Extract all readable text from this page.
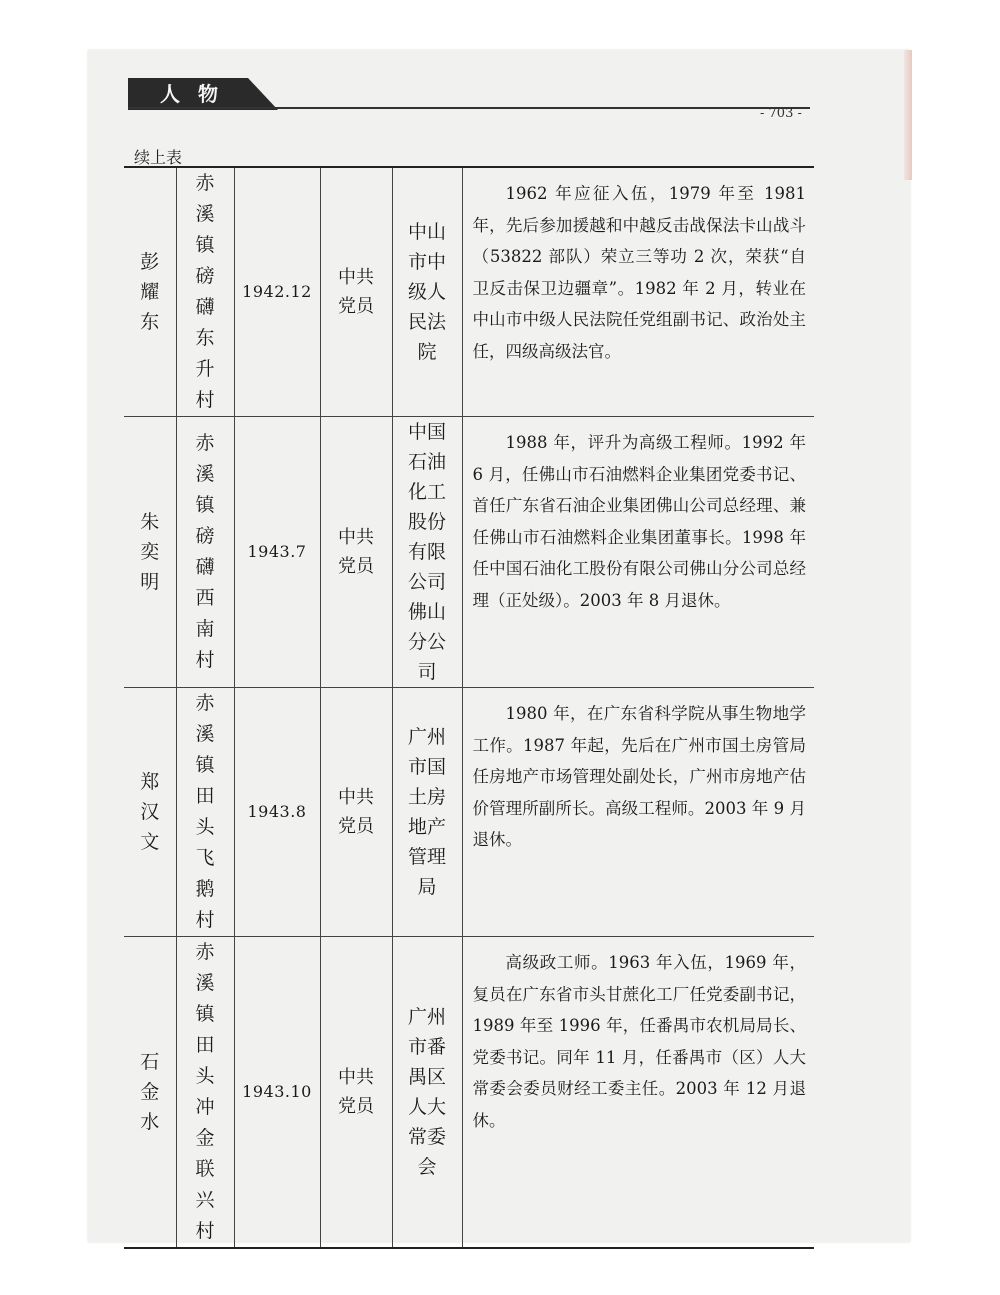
人物
- 703 -
续上表
彭耀东	赤溪镇磅礴东升村	1942.12	中共党员	中山市中级人民法院	1962 年应征入伍，1979 年至 1981 年，先后参加援越和中越反击战保法卡山战斗（53822 部队）荣立三等功 2 次，荣获“自卫反击保卫边疆章”。1982 年 2 月，转业在中山市中级人民法院任党组副书记、政治处主任，四级高级法官。
朱奕明	赤溪镇磅礴西南村	1943.7	中共党员	中国石油化工股份有限公司佛山分公司	1988 年，评升为高级工程师。1992 年 6 月，任佛山市石油燃料企业集团党委书记、首任广东省石油企业集团佛山公司总经理、兼任佛山市石油燃料企业集团董事长。1998 年任中国石油化工股份有限公司佛山分公司总经理（正处级）。2003 年 8 月退休。
郑汉文	赤溪镇田头飞鹅村	1943.8	中共党员	广州市国土房地产管理局	1980 年，在广东省科学院从事生物地学工作。1987 年起，先后在广州市国土房管局任房地产市场管理处副处长，广州市房地产估价管理所副所长。高级工程师。2003 年 9 月退休。
石金水	赤溪镇田头冲金联兴村	1943.10	中共党员	广州市番禺区人大常委会	高级政工师。1963 年入伍，1969 年，复员在广东省市头甘蔗化工厂任党委副书记，1989 年至 1996 年，任番禺市农机局局长、党委书记。同年 11 月，任番禺市（区）人大常委会委员财经工委主任。2003 年 12 月退休。
